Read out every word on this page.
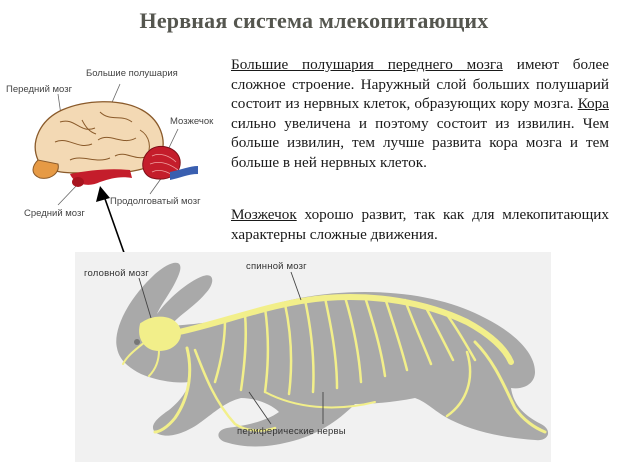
Нервная система млекопитающих
Большие полушария
Передний мозг
Мозжечок
Средний мозг
Продолговатый мозг
Большие полушария переднего мозга имеют более сложное строение. Наружный слой больших полушарий состоит из нервных клеток, образующих кору мозга. Кора сильно увеличена и поэтому состоит из извилин. Чем больше извилин, тем лучше развита кора мозга и тем больше в ней нервных клеток.
Мозжечок хорошо развит, так как для млекопитающих характерны сложные движения.
головной мозг
спинной мозг
периферические нервы
